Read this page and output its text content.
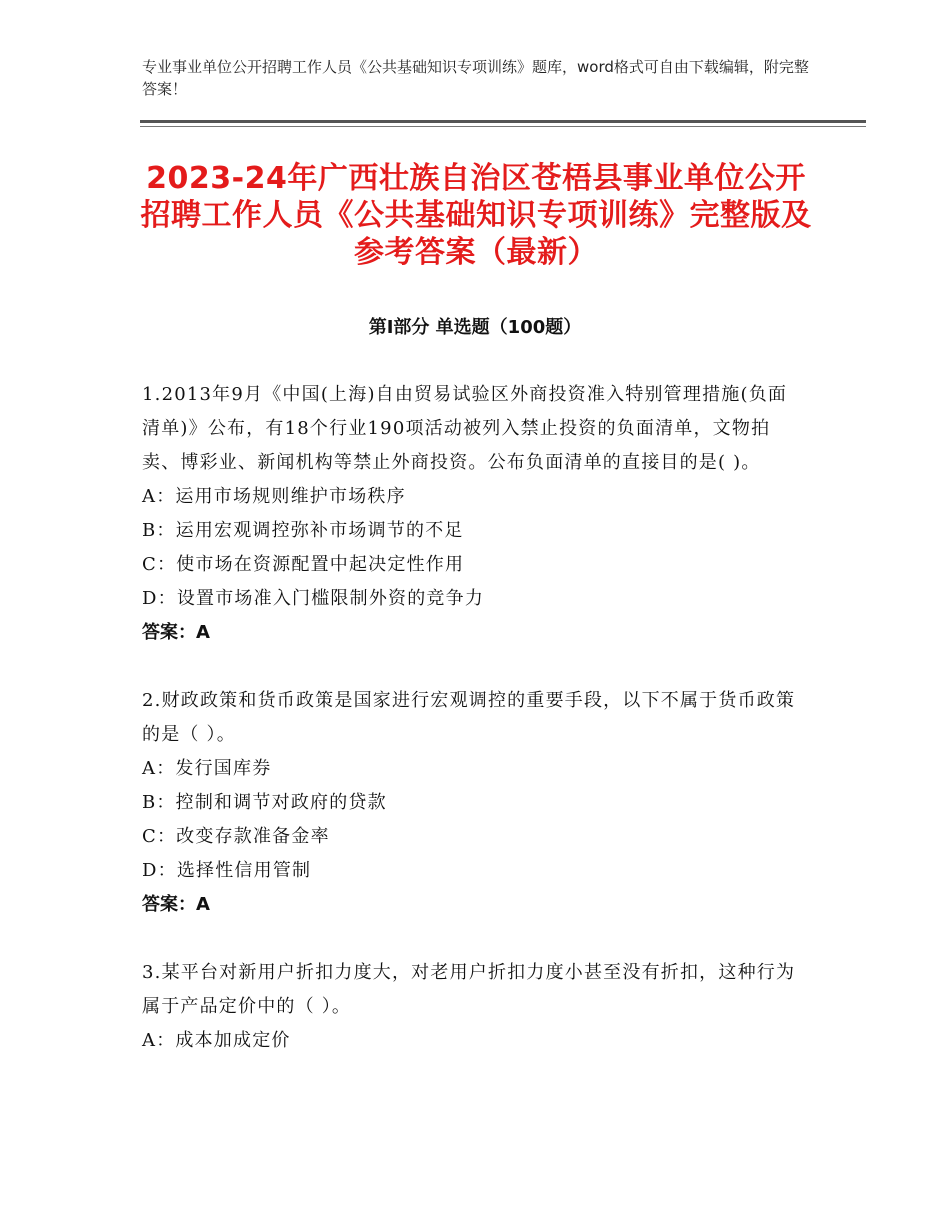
专业事业单位公开招聘工作人员《公共基础知识专项训练》题库，word格式可自由下载编辑，附完整答案！
2023-24年广西壮族自治区苍梧县事业单位公开招聘工作人员《公共基础知识专项训练》完整版及参考答案（最新）
第Ⅰ部分 单选题（100题）

1.2013年9月《中国(上海)自由贸易试验区外商投资准入特别管理措施(负面清单)》公布，有18个行业190项活动被列入禁止投资的负面清单，文物拍卖、博彩业、新闻机构等禁止外商投资。公布负面清单的直接目的是( )。

A：运用市场规则维护市场秩序

B：运用宏观调控弥补市场调节的不足

C：使市场在资源配置中起决定性作用

D：设置市场准入门槛限制外资的竞争力

答案：A

2.财政政策和货币政策是国家进行宏观调控的重要手段，以下不属于货币政策的是（ ）。

A：发行国库券

B：控制和调节对政府的贷款

C：改变存款准备金率

D：选择性信用管制

答案：A

3.某平台对新用户折扣力度大，对老用户折扣力度小甚至没有折扣，这种行为属于产品定价中的（ ）。

A：成本加成定价
